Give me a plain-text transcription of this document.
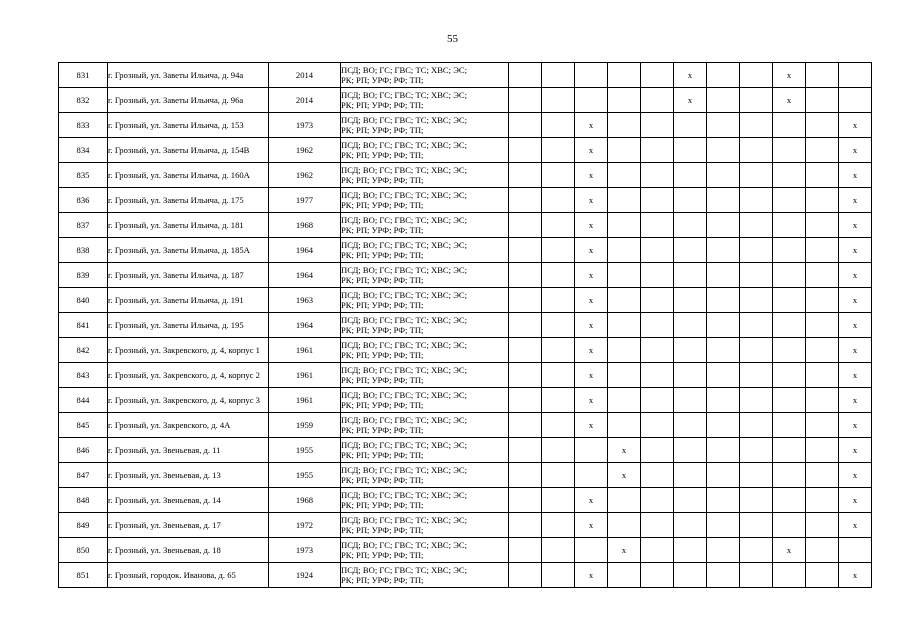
55
831	г. Грозный, ул. Заветы Ильича, д. 94а	2014	ПСД; ВО; ГС; ГВС; ТС; ХВС; ЭС;
РК; РП; УРФ; РФ; ТП;						x			x		
832	г. Грозный, ул. Заветы Ильича, д. 96а	2014	ПСД; ВО; ГС; ГВС; ТС; ХВС; ЭС;
РК; РП; УРФ; РФ; ТП;						x			x		
833	г. Грозный, ул. Заветы Ильича, д. 153	1973	ПСД; ВО; ГС; ГВС; ТС; ХВС; ЭС;
РК; РП; УРФ; РФ; ТП;			x								x
834	г. Грозный, ул. Заветы Ильича, д. 154В	1962	ПСД; ВО; ГС; ГВС; ТС; ХВС; ЭС;
РК; РП; УРФ; РФ; ТП;			x								x
835	г. Грозный, ул. Заветы Ильича, д. 160А	1962	ПСД; ВО; ГС; ГВС; ТС; ХВС; ЭС;
РК; РП; УРФ; РФ; ТП;			x								x
836	г. Грозный, ул. Заветы Ильича, д. 175	1977	ПСД; ВО; ГС; ГВС; ТС; ХВС; ЭС;
РК; РП; УРФ; РФ; ТП;			x								x
837	г. Грозный, ул. Заветы Ильича, д. 181	1968	ПСД; ВО; ГС; ГВС; ТС; ХВС; ЭС;
РК; РП; УРФ; РФ; ТП;			x								x
838	г. Грозный, ул. Заветы Ильича, д. 185А	1964	ПСД; ВО; ГС; ГВС; ТС; ХВС; ЭС;
РК; РП; УРФ; РФ; ТП;			x								x
839	г. Грозный, ул. Заветы Ильича, д. 187	1964	ПСД; ВО; ГС; ГВС; ТС; ХВС; ЭС;
РК; РП; УРФ; РФ; ТП;			x								x
840	г. Грозный, ул. Заветы Ильича, д. 191	1963	ПСД; ВО; ГС; ГВС; ТС; ХВС; ЭС;
РК; РП; УРФ; РФ; ТП;			x								x
841	г. Грозный, ул. Заветы Ильича, д. 195	1964	ПСД; ВО; ГС; ГВС; ТС; ХВС; ЭС;
РК; РП; УРФ; РФ; ТП;			x								x
842	г. Грозный, ул. Закревского, д. 4, корпус 1	1961	ПСД; ВО; ГС; ГВС; ТС; ХВС; ЭС;
РК; РП; УРФ; РФ; ТП;			x								x
843	г. Грозный, ул. Закревского, д. 4, корпус 2	1961	ПСД; ВО; ГС; ГВС; ТС; ХВС; ЭС;
РК; РП; УРФ; РФ; ТП;			x								x
844	г. Грозный, ул. Закревского, д. 4, корпус 3	1961	ПСД; ВО; ГС; ГВС; ТС; ХВС; ЭС;
РК; РП; УРФ; РФ; ТП;			x								x
845	г. Грозный, ул. Закревского, д. 4А	1959	ПСД; ВО; ГС; ГВС; ТС; ХВС; ЭС;
РК; РП; УРФ; РФ; ТП;			x								x
846	г. Грозный, ул. Звеньевая, д. 11	1955	ПСД; ВО; ГС; ГВС; ТС; ХВС; ЭС;
РК; РП; УРФ; РФ; ТП;				x							x
847	г. Грозный, ул. Звеньевая, д. 13	1955	ПСД; ВО; ГС; ГВС; ТС; ХВС; ЭС;
РК; РП; УРФ; РФ; ТП;				x							x
848	г. Грозный, ул. Звеньевая, д. 14	1968	ПСД; ВО; ГС; ГВС; ТС; ХВС; ЭС;
РК; РП; УРФ; РФ; ТП;			x								x
849	г. Грозный, ул. Звеньевая, д. 17	1972	ПСД; ВО; ГС; ГВС; ТС; ХВС; ЭС;
РК; РП; УРФ; РФ; ТП;			x								x
850	г. Грозный, ул. Звеньевая, д. 18	1973	ПСД; ВО; ГС; ГВС; ТС; ХВС; ЭС;
РК; РП; УРФ; РФ; ТП;				x					x		
851	г. Грозный, городок. Иванова, д. 65	1924	ПСД; ВО; ГС; ГВС; ТС; ХВС; ЭС;
РК; РП; УРФ; РФ; ТП;			x								x
